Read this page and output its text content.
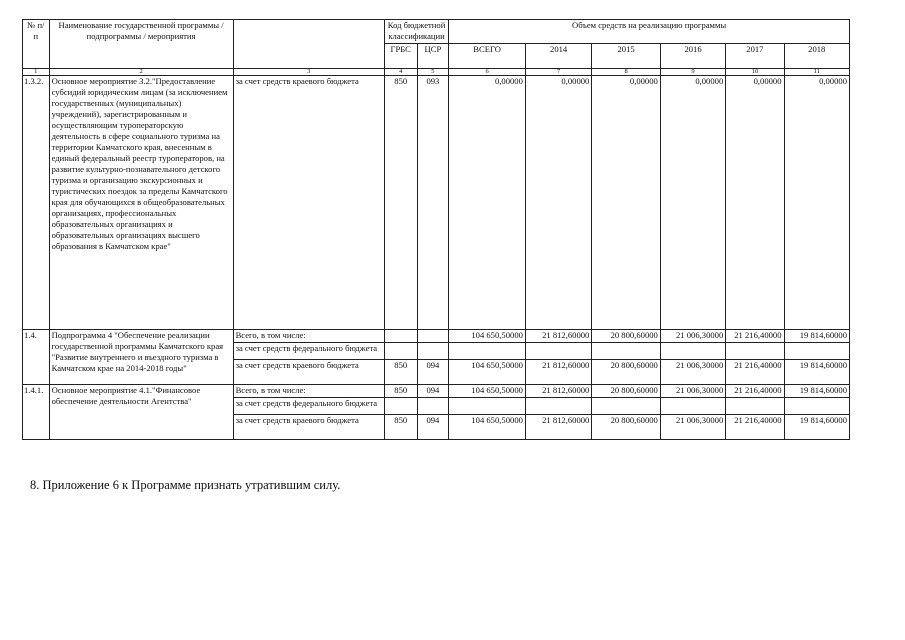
№ п/п	Наименование государственной программы / подпрограммы / мероприятия		Код бюджетной классификации		Объем средств на реализацию программы					
			ГРБС	ЦСР	ВСЕГО	2014	2015	2016	2017	2018
1	2	3	4	5	6	7	8	9	10	11
1.3.2.	Основное мероприятие 3.2."Предоставление субсидий юридическим лицам (за исключением государственных (муниципальных) учреждений), зарегистрированным и осуществляющим туроператорскую деятельность в сфере социального туризма на территории Камчатского края, внесенным в единый федеральный реестр туроператоров, на развитие культурно-познавательного детского туризма и организацию экскурсионных и туристических поездок за пределы Камчатского края для обучающихся в общеобразовательных организациях, профессиональных образовательных организациях и образовательных организациях высшего образования в Камчатском крае"	за счет средств краевого бюджета	850	093	0,00000	0,00000	0,00000	0,00000	0,00000	0,00000
1.4.	Подпрограмма 4 "Обеспечение реализации государственной программы Камчатского края "Развитие внутреннего и въездного туризма в Камчатском крае на 2014-2018 годы"	Всего, в том числе:			104 650,50000	21 812,60000	20 800,60000	21 006,30000	21 216,40000	19 814,60000
		за счет средств федерального бюджета								
		за счет средств краевого бюджета	850	094	104 650,50000	21 812,60000	20 800,60000	21 006,30000	21 216,40000	19 814,60000
1.4.1.	Основное мероприятие 4.1."Финансовое обеспечение деятельности Агентства"	Всего, в том числе:	850	094	104 650,50000	21 812,60000	20 800,60000	21 006,30000	21 216,40000	19 814,60000
		за счет средств федерального бюджета								
		за счет средств краевого бюджета	850	094	104 650,50000	21 812,60000	20 800,60000	21 006,30000	21 216,40000	19 814,60000
8. Приложение 6 к Программе признать утратившим силу.
